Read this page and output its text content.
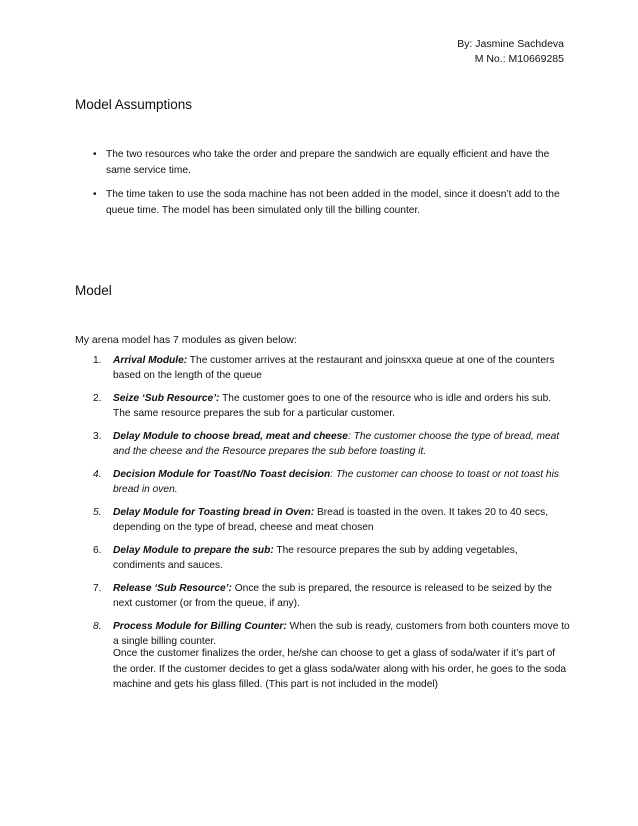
By: Jasmine Sachdeva
M No.: M10669285
Model Assumptions
• The two resources who take the order and prepare the sandwich are equally efficient and have the same service time.
• The time taken to use the soda machine has not been added in the model, since it doesn’t add to the queue time. The model has been simulated only till the billing counter.
Model

My arena model has 7 modules as given below:

1. Arrival Module: The customer arrives at the restaurant and joinsxxa queue at one of the counters based on the length of the queue
2. Seize ‘Sub Resource’: The customer goes to one of the resource who is idle and orders his sub. The same resource prepares the sub for a particular customer.
3. Delay Module to choose bread, meat and cheese: The customer choose the type of bread, meat and the cheese and the Resource prepares the sub before toasting it.
4. Decision Module for Toast/No Toast decision: The customer can choose to toast or not toast his bread in oven.
5. Delay Module for Toasting bread in Oven: Bread is toasted in the oven. It takes 20 to 40 secs, depending on the type of bread, cheese and meat chosen
6. Delay Module to prepare the sub: The resource prepares the sub by adding vegetables, condiments and sauces.
7. Release ‘Sub Resource’: Once the sub is prepared, the resource is released to be seized by the next customer (or from the queue, if any).
8. Process Module for Billing Counter: When the sub is ready, customers from both counters move to a single billing counter.

Once the customer finalizes the order, he/she can choose to get a glass of soda/water if it’s part of the order. If the customer decides to get a glass soda/water along with his order, he goes to the soda machine and gets his glass filled. (This part is not included in the model)
